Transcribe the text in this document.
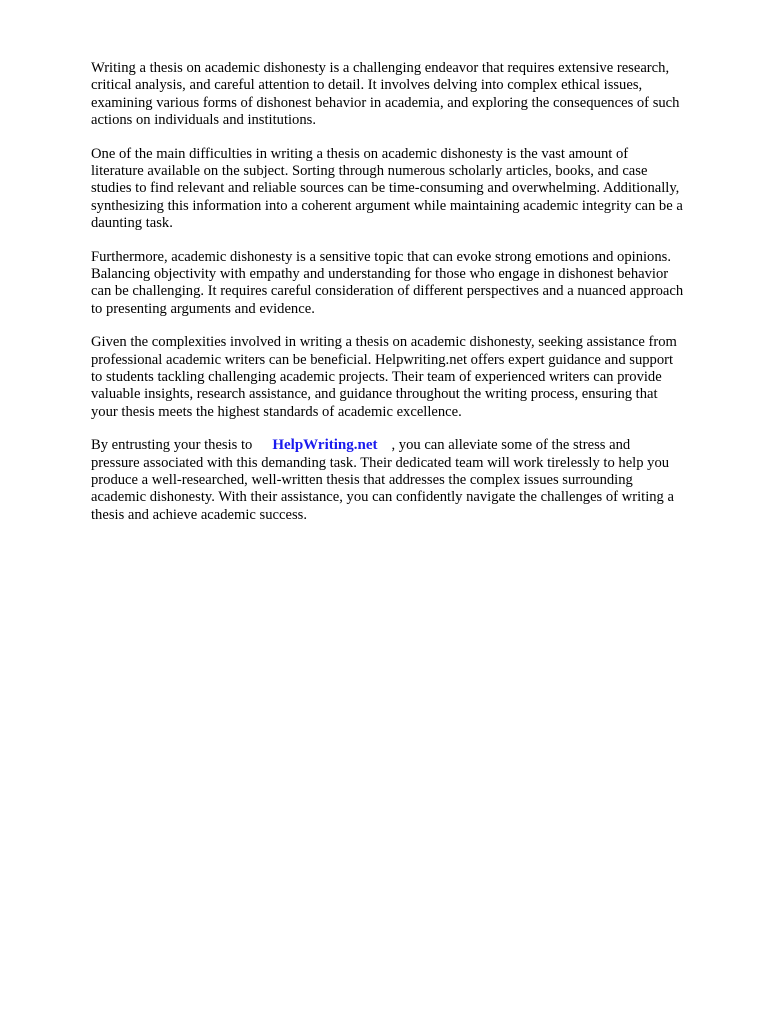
Writing a thesis on academic dishonesty is a challenging endeavor that requires extensive research,
critical analysis, and careful attention to detail. It involves delving into complex ethical issues,
examining various forms of dishonest behavior in academia, and exploring the consequences of such
actions on individuals and institutions.

One of the main difficulties in writing a thesis on academic dishonesty is the vast amount of
literature available on the subject. Sorting through numerous scholarly articles, books, and case
studies to find relevant and reliable sources can be time-consuming and overwhelming. Additionally,
synthesizing this information into a coherent argument while maintaining academic integrity can be a
daunting task.

Furthermore, academic dishonesty is a sensitive topic that can evoke strong emotions and opinions.
Balancing objectivity with empathy and understanding for those who engage in dishonest behavior
can be challenging. It requires careful consideration of different perspectives and a nuanced approach
to presenting arguments and evidence.

Given the complexities involved in writing a thesis on academic dishonesty, seeking assistance from
professional academic writers can be beneficial. Helpwriting.net offers expert guidance and support
to students tackling challenging academic projects. Their team of experienced writers can provide
valuable insights, research assistance, and guidance throughout the writing process, ensuring that
your thesis meets the highest standards of academic excellence.

By entrusting your thesis to HelpWriting.net , you can alleviate some of the stress and
pressure associated with this demanding task. Their dedicated team will work tirelessly to help you
produce a well-researched, well-written thesis that addresses the complex issues surrounding
academic dishonesty. With their assistance, you can confidently navigate the challenges of writing a
thesis and achieve academic success.
